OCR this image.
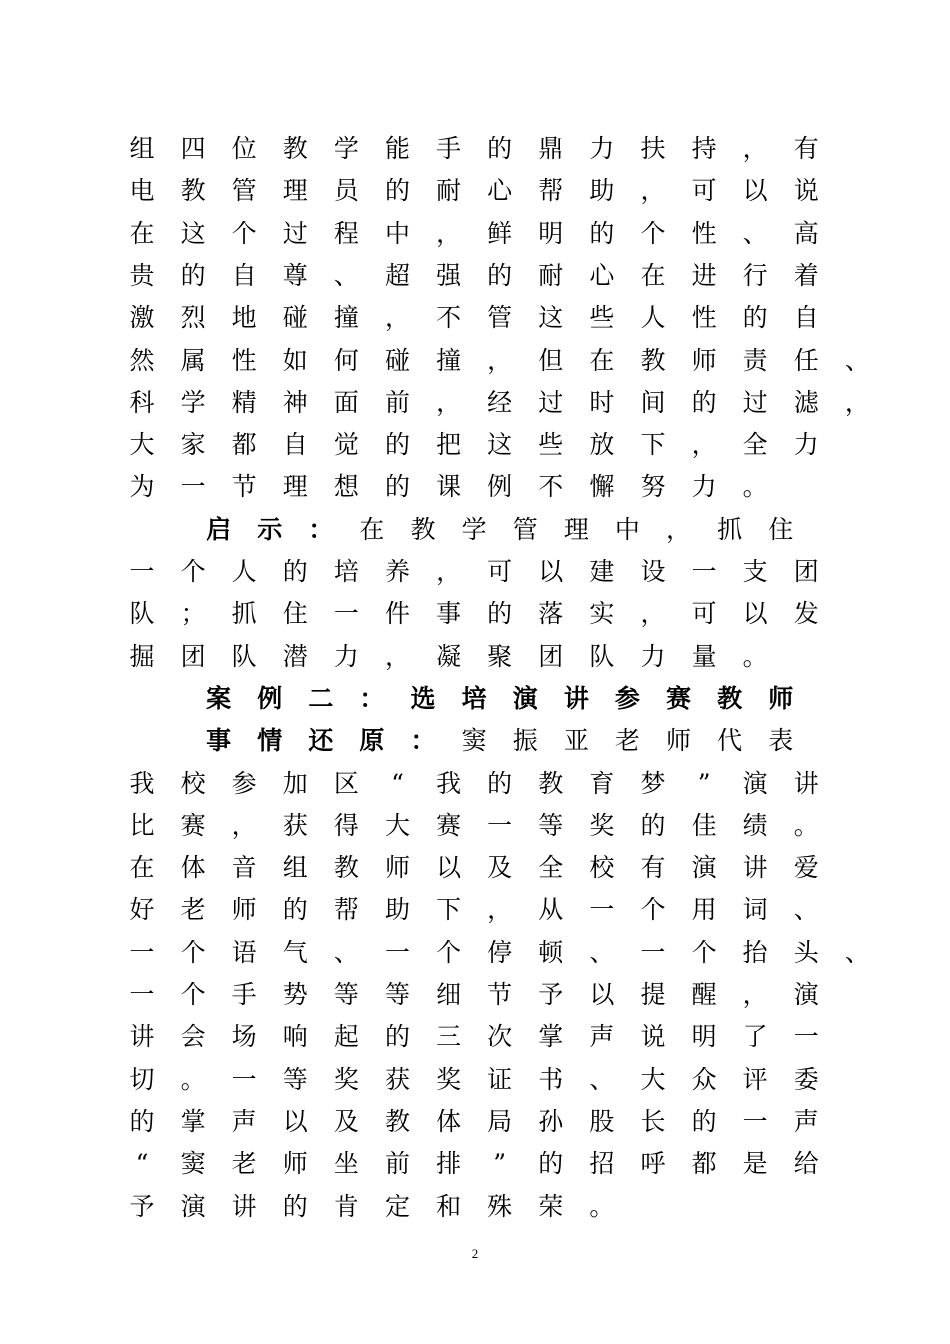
组	四	位	教	学	能	手	的	鼎	力	扶	持	，	有
电	教	管	理	员	的	耐	心	帮	助	，	可	以	说
在	这	个	过	程	中	，	鲜	明	的	个	性	、	高
贵	的	自	尊	、	超	强	的	耐	心	在	进	行	着
激	烈	地	碰	撞	，	不	管	这	些	人	性	的	自
然	属	性	如	何	碰	撞	，	但	在	教	师	责	任	、
科	学	精	神	面	前	，	经	过	时	间	的	过	滤	，
大	家	都	自	觉	的	把	这	些	放	下	，	全	力
为	一	节	理	想	的	课	例	不	懈	努	力	。
启	示	：	在	教	学	管	理	中	，	抓	住
一	个	人	的	培	养	，	可	以	建	设	一	支	团
队	；	抓	住	一	件	事	的	落	实	，	可	以	发
掘	团	队	潜	力	，	凝	聚	团	队	力	量	。
案	例	二	：	选	培	演	讲	参	赛	教	师
事	情	还	原	：	窦	振	亚	老	师	代	表
我	校	参	加	区	“	我	的	教	育	梦	”	演	讲
比	赛	，	获	得	大	赛	一	等	奖	的	佳	绩	。
在	体	音	组	教	师	以	及	全	校	有	演	讲	爱
好	老	师	的	帮	助	下	，	从	一	个	用	词	、
一	个	语	气	、	一	个	停	顿	、	一	个	抬	头	、
一	个	手	势	等	等	细	节	予	以	提	醒	，	演
讲	会	场	响	起	的	三	次	掌	声	说	明	了	一
切	。	一	等	奖	获	奖	证	书	、	大	众	评	委
的	掌	声	以	及	教	体	局	孙	股	长	的	一	声
“	窦	老	师	坐	前	排	”	的	招	呼	都	是	给
予	演	讲	的	肯	定	和	殊	荣	。
2
